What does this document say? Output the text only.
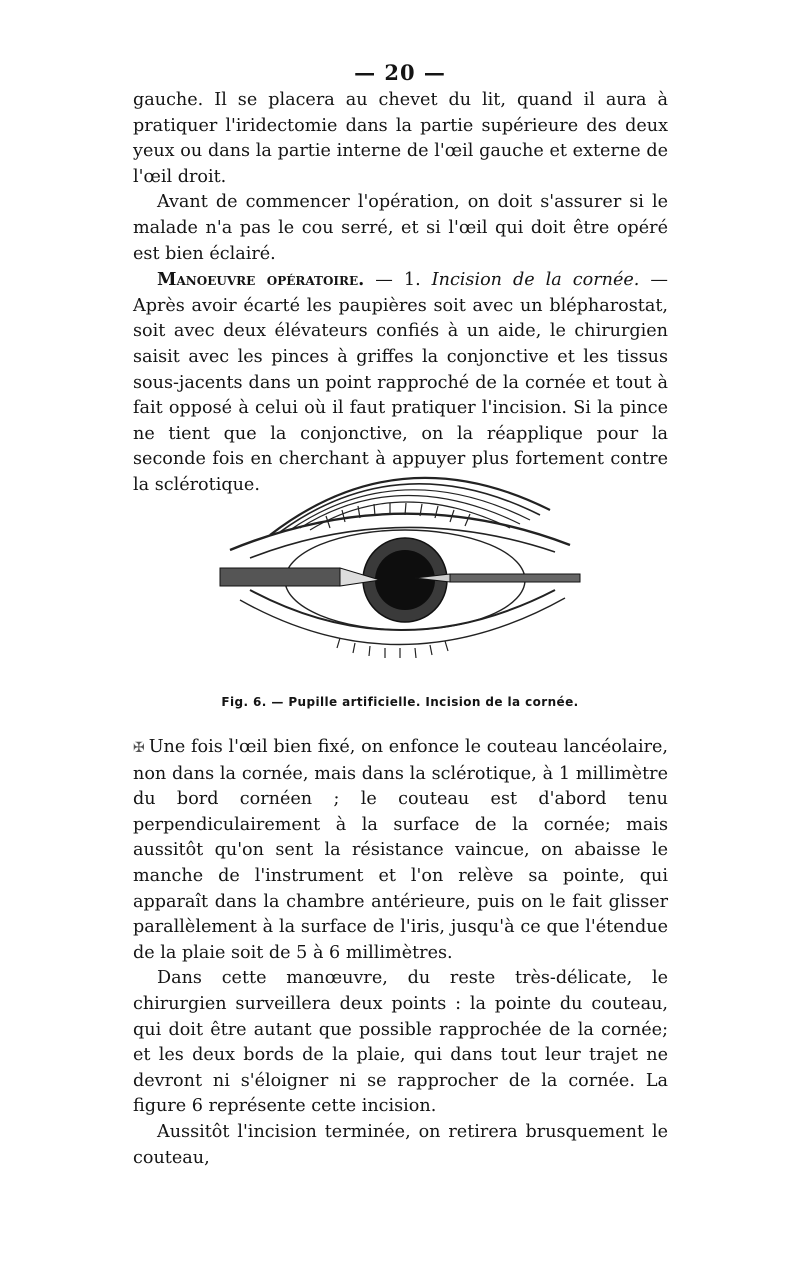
— 20 —

gauche. Il se placera au chevet du lit, quand il aura à pratiquer l'iridectomie dans la partie supérieure des deux yeux ou dans la partie interne de l'œil gauche et externe de l'œil droit.

Avant de commencer l'opération, on doit s'assurer si le malade n'a pas le cou serré, et si l'œil qui doit être opéré est bien éclairé.

Manoeuvre opératoire. — 1. Incision de la cornée. — Après avoir écarté les paupières soit avec un blépharostat, soit avec deux élévateurs confiés à un aide, le chirurgien saisit avec les pinces à griffes la conjonctive et les tissus sous-jacents dans un point rapproché de la cornée et tout à fait opposé à celui où il faut pratiquer l'incision. Si la pince ne tient que la conjonctive, on la réapplique pour la seconde fois en cherchant à appuyer plus fortement contre la sclérotique.

Fig. 6. — Pupille artificielle. Incision de la cornée.

✠ Une fois l'œil bien fixé, on enfonce le couteau lancéolaire, non dans la cornée, mais dans la sclérotique, à 1 millimètre du bord cornéen ; le couteau est d'abord tenu perpendiculairement à la surface de la cornée; mais aussitôt qu'on sent la résistance vaincue, on abaisse le manche de l'instrument et l'on relève sa pointe, qui apparaît dans la chambre antérieure, puis on le fait glisser parallèlement à la surface de l'iris, jusqu'à ce que l'étendue de la plaie soit de 5 à 6 millimètres.

Dans cette manœuvre, du reste très-délicate, le chirurgien surveillera deux points : la pointe du couteau, qui doit être autant que possible rapprochée de la cornée; et les deux bords de la plaie, qui dans tout leur trajet ne devront ni s'éloigner ni se rapprocher de la cornée. La figure 6 représente cette incision.

Aussitôt l'incision terminée, on retirera brusquement le couteau,
